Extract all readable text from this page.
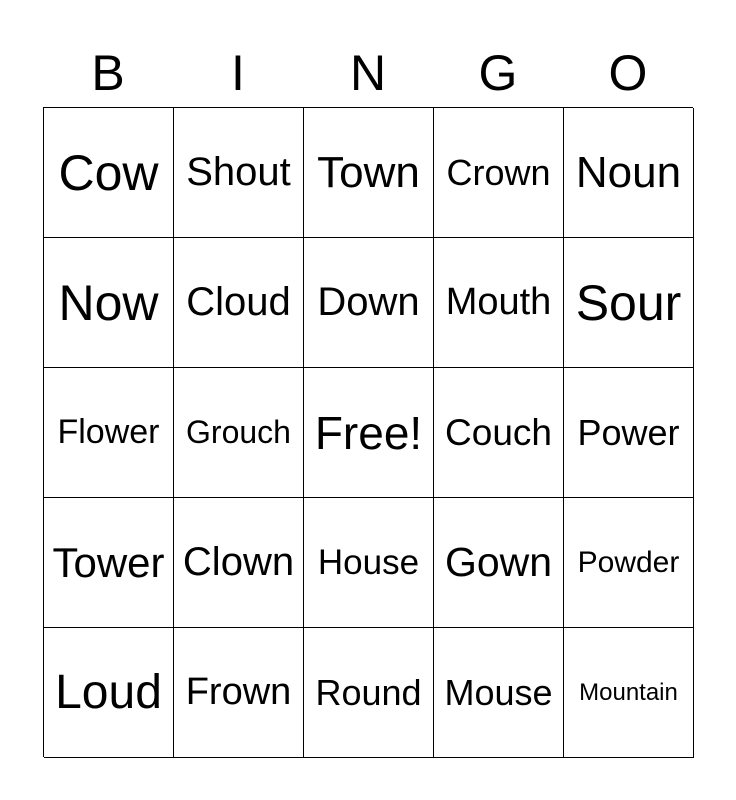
B	I	N	G	O
Cow Shout Town Crown Noun
Now Cloud Down Mouth Sour
Flower Grouch Free! Couch Power
Tower Clown House Gown Powder
Loud Frown Round Mouse	Mountain
